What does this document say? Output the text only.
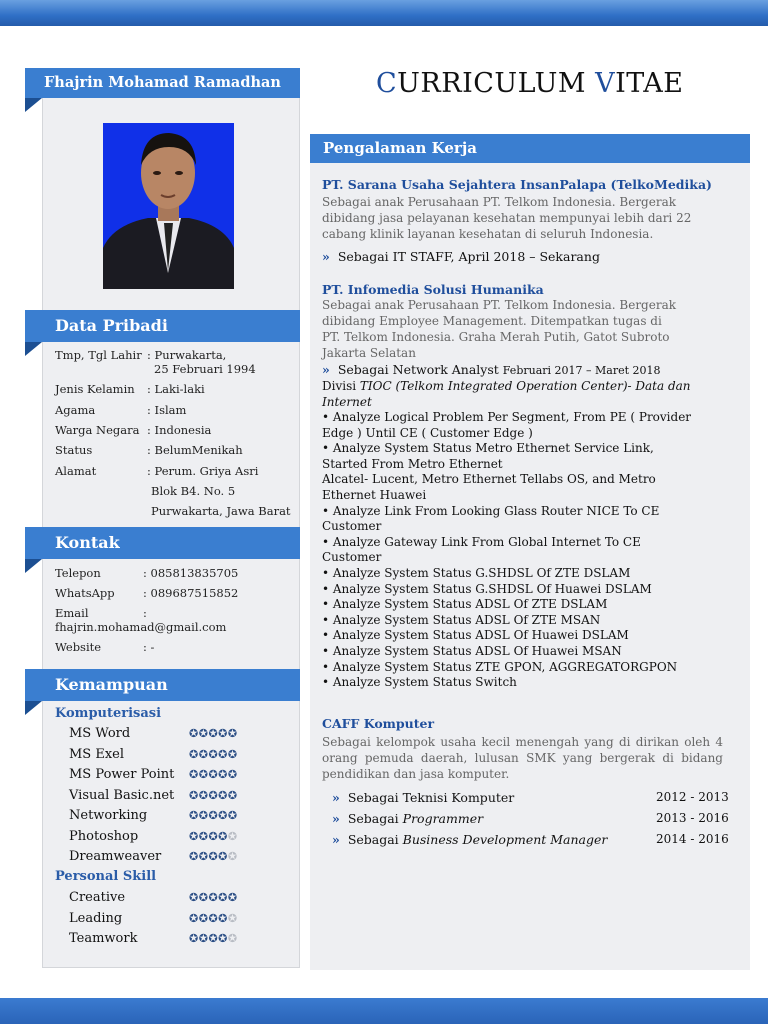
Fhajrin Mohamad Ramadhan
Data Pribadi
Tmp, Tgl Lahir : Purwakarta,
25 Februari 1994
Jenis Kelamin : Laki-laki
Agama	: Islam
Warga Negara : Indonesia
Status	: BelumMenikah
Alamat	: Perum. Griya Asri
Blok B4. No. 5
Purwakarta, Jawa Barat
Kontak
Telepon	: 085813835705
WhatsApp : 089687515852
Email	:
fhajrin.mohamad@gmail.com
Website	: -
Kemampuan
Komputerisasi
MS Word	✪✪✪✪✪
MS Exel	✪✪✪✪✪
MS Power Point ✪✪✪✪✪
Visual Basic.net ✪✪✪✪✪
Networking	✪✪✪✪✪
Photoshop	✪✪✪✪✪
Dreamweaver	✪✪✪✪✪
Personal Skill
Creative	✪✪✪✪✪
Leading	✪✪✪✪✪
Teamwork	✪✪✪✪✪
CURRICULUM VITAE
Pengalaman Kerja
PT. Sarana Usaha Sejahtera InsanPalapa (TelkoMedika)
Sebagai anak Perusahaan PT. Telkom Indonesia. Bergerak dibidang jasa pelayanan kesehatan mempunyai lebih dari 22 cabang klinik layanan kesehatan di seluruh Indonesia.
» Sebagai IT STAFF, April 2018 – Sekarang
PT. Infomedia Solusi Humanika
Sebagai anak Perusahaan PT. Telkom Indonesia. Bergerak dibidang Employee Management. Ditempatkan tugas di PT. Telkom Indonesia. Graha Merah Putih, Gatot Subroto Jakarta Selatan
» Sebagai Network Analyst Februari 2017 – Maret 2018
Divisi TIOC (Telkom Integrated Operation Center)- Data dan Internet

• Analyze Logical Problem Per Segment, From PE ( Provider Edge ) Until CE ( Customer Edge )

• Analyze System Status Metro Ethernet Service Link, Started From Metro Ethernet

Alcatel- Lucent, Metro Ethernet Tellabs OS, and Metro Ethernet Huawei

• Analyze Link From Looking Glass Router NICE To CE Customer

• Analyze Gateway Link From Global Internet To CE Customer

• Analyze System Status G.SHDSL Of ZTE DSLAM

• Analyze System Status G.SHDSL Of Huawei DSLAM

• Analyze System Status ADSL Of ZTE DSLAM

• Analyze System Status ADSL Of ZTE MSAN

• Analyze System Status ADSL Of Huawei DSLAM

• Analyze System Status ADSL Of Huawei MSAN

• Analyze System Status ZTE GPON, AGGREGATORGPON

• Analyze System Status Switch

CAFF Komputer
Sebagai kelompok usaha kecil menengah yang di dirikan oleh 4 orang pemuda daerah, lulusan SMK yang bergerak di bidang pendidikan dan jasa komputer.
» Sebagai Teknisi Komputer	2012 - 2013
» Sebagai Programmer	2013 - 2016
» Sebagai Business Development Manager	2014 - 2016
